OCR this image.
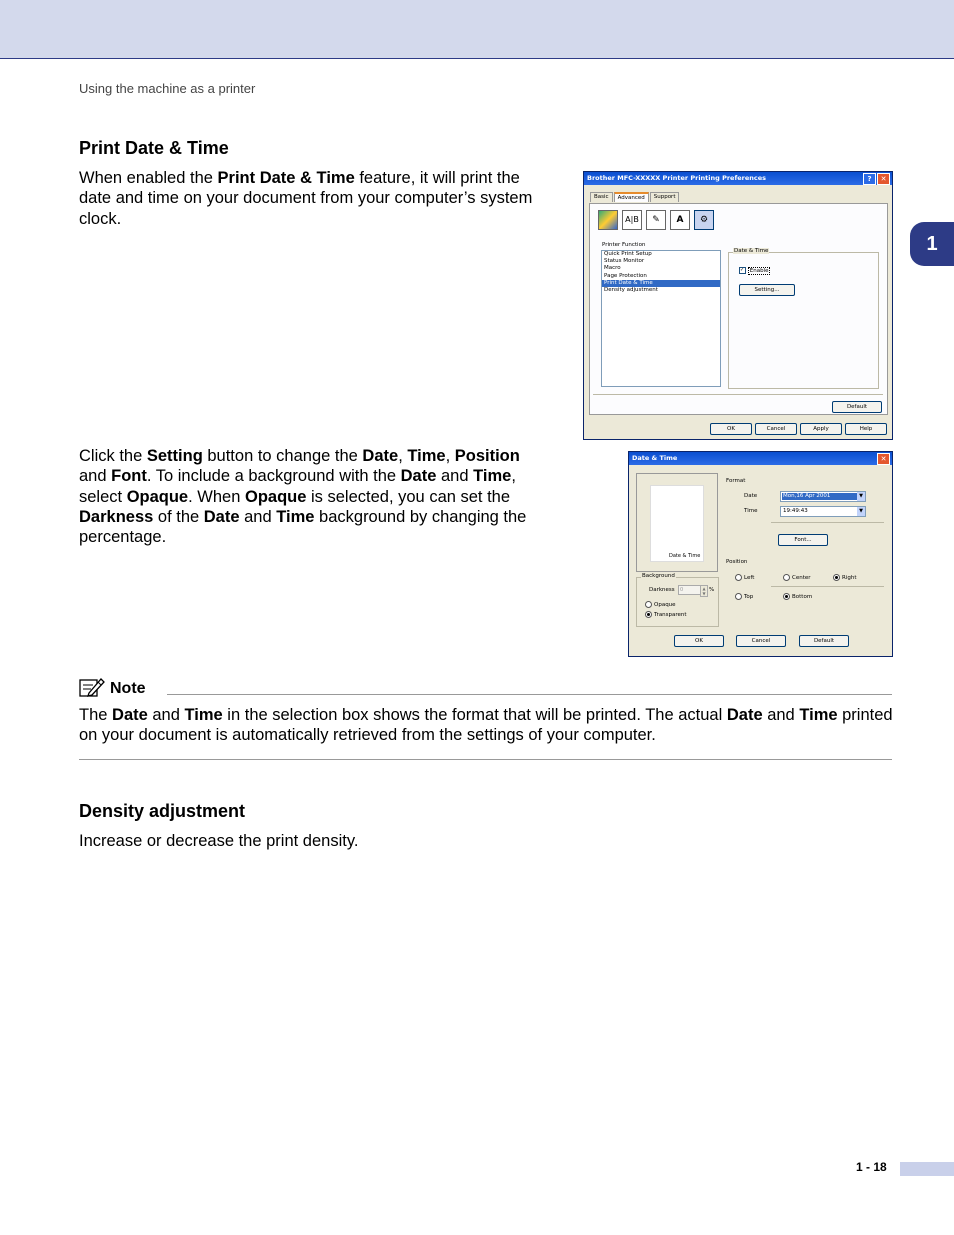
Using the machine as a printer
1
Print Date & Time

When enabled the Print Date & Time feature, it will print the date and time on your document from your computer’s system clock.

Brother MFC-XXXXX Printer Printing Preferences	?	✕
Basic	Advanced	Support
A|B	✎	A	⚙
Printer Function
Quick Print Setup
Status Monitor
Macro
Page Protection
Print Date & Time
Density adjustment
Date & Time
✓ Enable
Setting...
Default
OK	Cancel	Apply	Help

Click the Setting button to change the Date, Time, Position and Font. To include a background with the Date and Time, select Opaque. When Opaque is selected, you can set the Darkness of the Date and Time background by changing the percentage.

Date & Time	✕
Date & Time
Format
Date	Mon,16 Apr 2001	▼
Time	19:49:43	▼
Font...
Position
Left	Center	Right
Top	Bottom
Background
Darkness	0	▲
▼
%
Opaque
Transparent
OK	Cancel	Default
Note

The Date and Time in the selection box shows the format that will be printed. The actual Date and Time printed on your document is automatically retrieved from the settings of your computer.

Density adjustment

Increase or decrease the print density.

1 - 18
